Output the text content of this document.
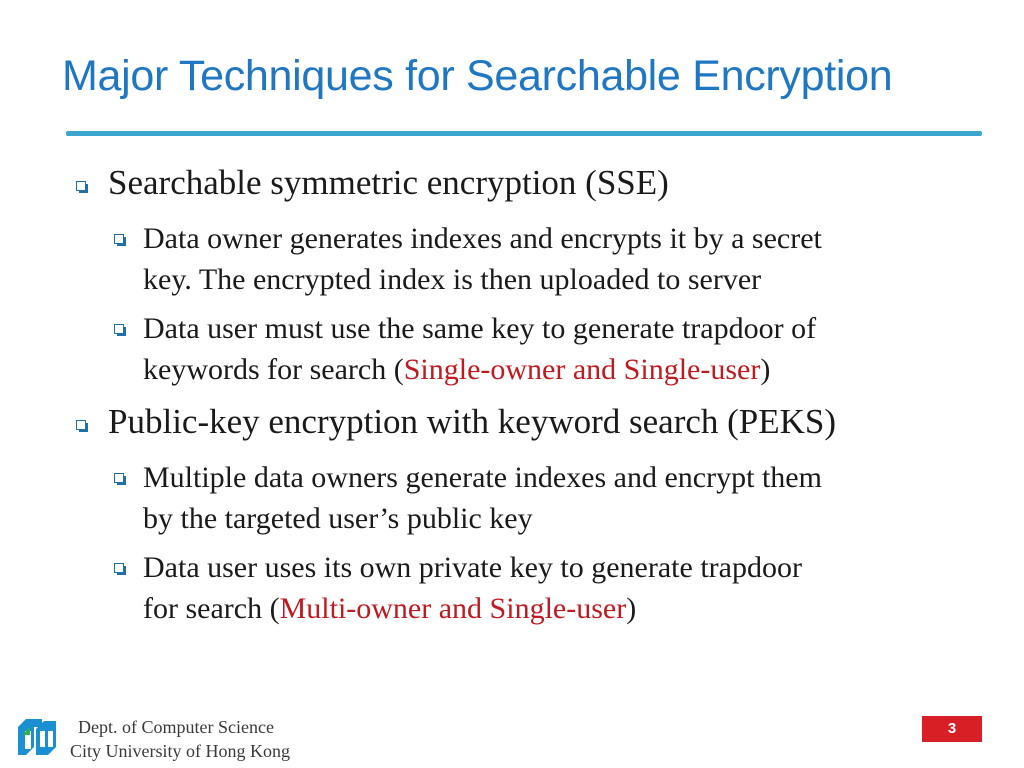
Major Techniques for Searchable Encryption
Searchable symmetric encryption (SSE)
Data owner generates indexes and encrypts it by a secret
key. The encrypted index is then uploaded to server
Data user must use the same key to generate trapdoor of
keywords for search (Single-owner and Single-user)
Public-key encryption with keyword search (PEKS)
Multiple data owners generate indexes and encrypt them
by the targeted user’s public key
Data user uses its own private key to generate trapdoor
for search (Multi-owner and Single-user)
Dept. of Computer Science
City University of Hong Kong
3
